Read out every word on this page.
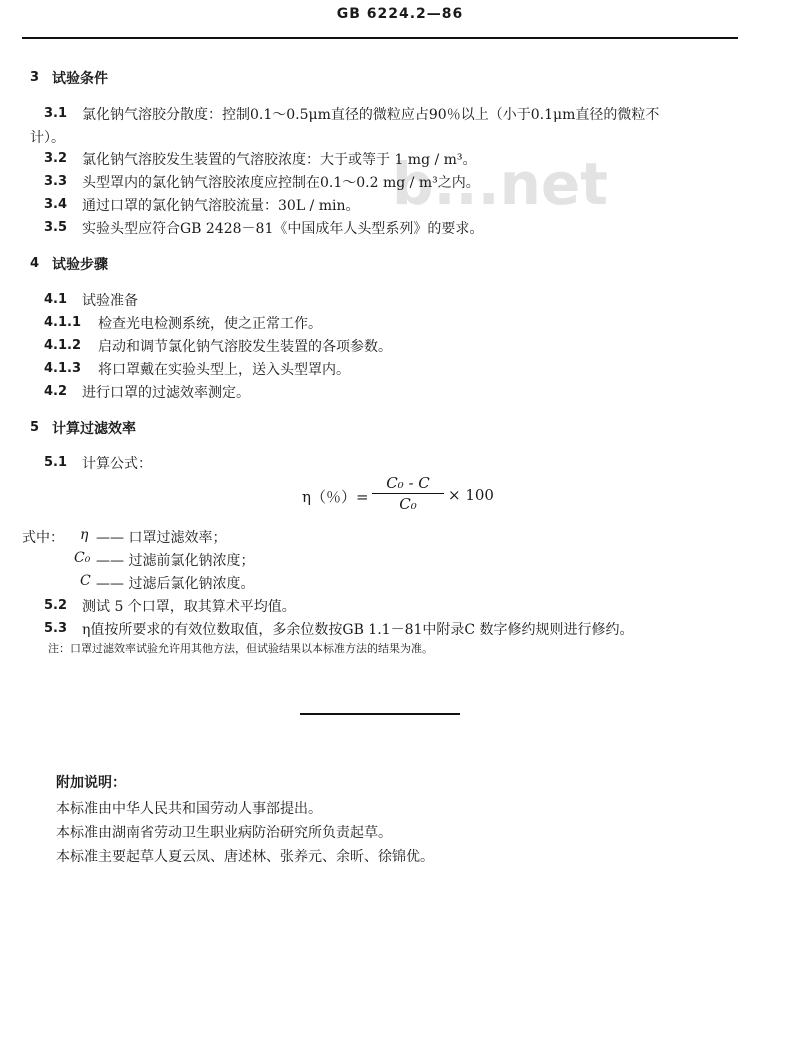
GB 6224.2—86
b...net
3 试验条件
3.1 氯化钠气溶胶分散度：控制0.1～0.5μm直径的微粒应占90％以上（小于0.1μm直径的微粒不
计）。
3.2 氯化钠气溶胶发生装置的气溶胶浓度：大于或等于 1 mg / m³。
3.3 头型罩内的氯化钠气溶胶浓度应控制在0.1～0.2 mg / m³之内。
3.4 通过口罩的氯化钠气溶胶流量：30L / min。
3.5 实验头型应符合GB 2428－81《中国成年人头型系列》的要求。
4 试验步骤
4.1 试验准备
4.1.1 检查光电检测系统，使之正常工作。
4.1.2 启动和调节氯化钠气溶胶发生装置的各项参数。
4.1.3 将口罩戴在实验头型上，送入头型罩内。
4.2 进行口罩的过滤效率测定。
5 计算过滤效率
5.1 计算公式：
η（％）=
C₀ - C
C₀	× 100
式中： η —— 口罩过滤效率；
C₀ —— 过滤前氯化钠浓度；
C —— 过滤后氯化钠浓度。
5.2 测试 5 个口罩，取其算术平均值。
5.3 η值按所要求的有效位数取值，多余位数按GB 1.1－81中附录C 数字修约规则进行修约。
注：口罩过滤效率试验允许用其他方法，但试验结果以本标准方法的结果为准。
附加说明：
本标准由中华人民共和国劳动人事部提出。
本标准由湖南省劳动卫生职业病防治研究所负责起草。
本标准主要起草人夏云凤、唐述林、张养元、余昕、徐锦优。
